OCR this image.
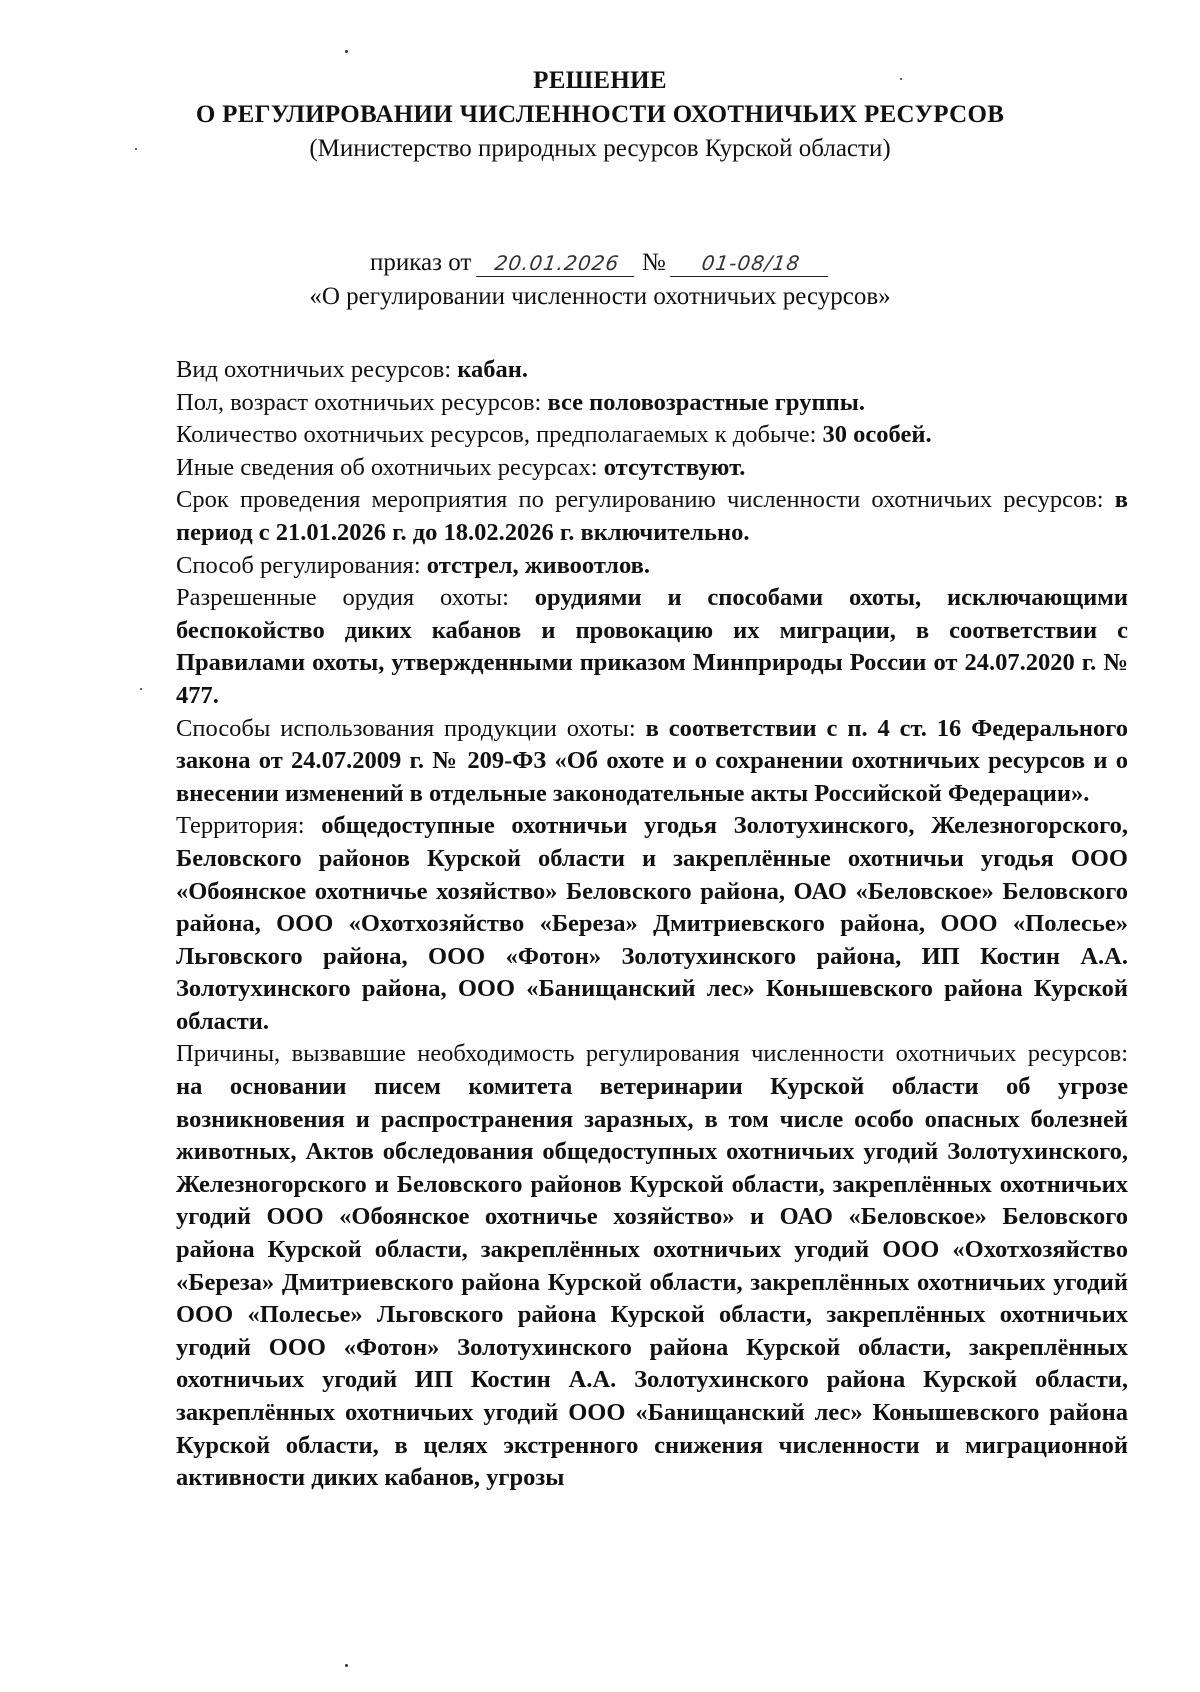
РЕШЕНИЕ
О РЕГУЛИРОВАНИИ ЧИСЛЕННОСТИ ОХОТНИЧЬИХ РЕСУРСОВ
(Министерство природных ресурсов Курской области)
приказ от 20.01.2026 № 01-08/18
«О регулировании численности охотничьих ресурсов»

Вид охотничьих ресурсов: кабан.

Пол, возраст охотничьих ресурсов: все половозрастные группы.

Количество охотничьих ресурсов, предполагаемых к добыче: 30 особей.

Иные сведения об охотничьих ресурсах: отсутствуют.

Срок проведения мероприятия по регулированию численности охотничьих ресурсов: в период с 21.01.2026 г. до 18.02.2026 г. включительно.

Способ регулирования: отстрел, живоотлов.

Разрешенные орудия охоты: орудиями и способами охоты, исключающими беспокойство диких кабанов и провокацию их миграции, в соответствии с Правилами охоты, утвержденными приказом Минприроды России от 24.07.2020 г. № 477.

Способы использования продукции охоты: в соответствии с п. 4 ст. 16 Федерального закона от 24.07.2009 г. № 209-ФЗ «Об охоте и о сохранении охотничьих ресурсов и о внесении изменений в отдельные законодательные акты Российской Федерации».

Территория: общедоступные охотничьи угодья Золотухинского, Железногорского, Беловского районов Курской области и закреплённые охотничьи угодья ООО «Обоянское охотничье хозяйство» Беловского района, ОАО «Беловское» Беловского района, ООО «Охотхозяйство «Береза» Дмитриевского района, ООО «Полесье» Льговского района, ООО «Фотон» Золотухинского района, ИП Костин А.А. Золотухинского района, ООО «Банищанский лес» Конышевского района Курской области.

Причины, вызвавшие необходимость регулирования численности охотничьих ресурсов: на основании писем комитета ветеринарии Курской области об угрозе возникновения и распространения заразных, в том числе особо опасных болезней животных, Актов обследования общедоступных охотничьих угодий Золотухинского, Железногорского и Беловского районов Курской области, закреплённых охотничьих угодий ООО «Обоянское охотничье хозяйство» и ОАО «Беловское» Беловского района Курской области, закреплённых охотничьих угодий ООО «Охотхозяйство «Береза» Дмитриевского района Курской области, закреплённых охотничьих угодий ООО «Полесье» Льговского района Курской области, закреплённых охотничьих угодий ООО «Фотон» Золотухинского района Курской области, закреплённых охотничьих угодий ИП Костин А.А. Золотухинского района Курской области, закреплённых охотничьих угодий ООО «Банищанский лес» Конышевского района Курской области, в целях экстренного снижения численности и миграционной активности диких кабанов, угрозы
